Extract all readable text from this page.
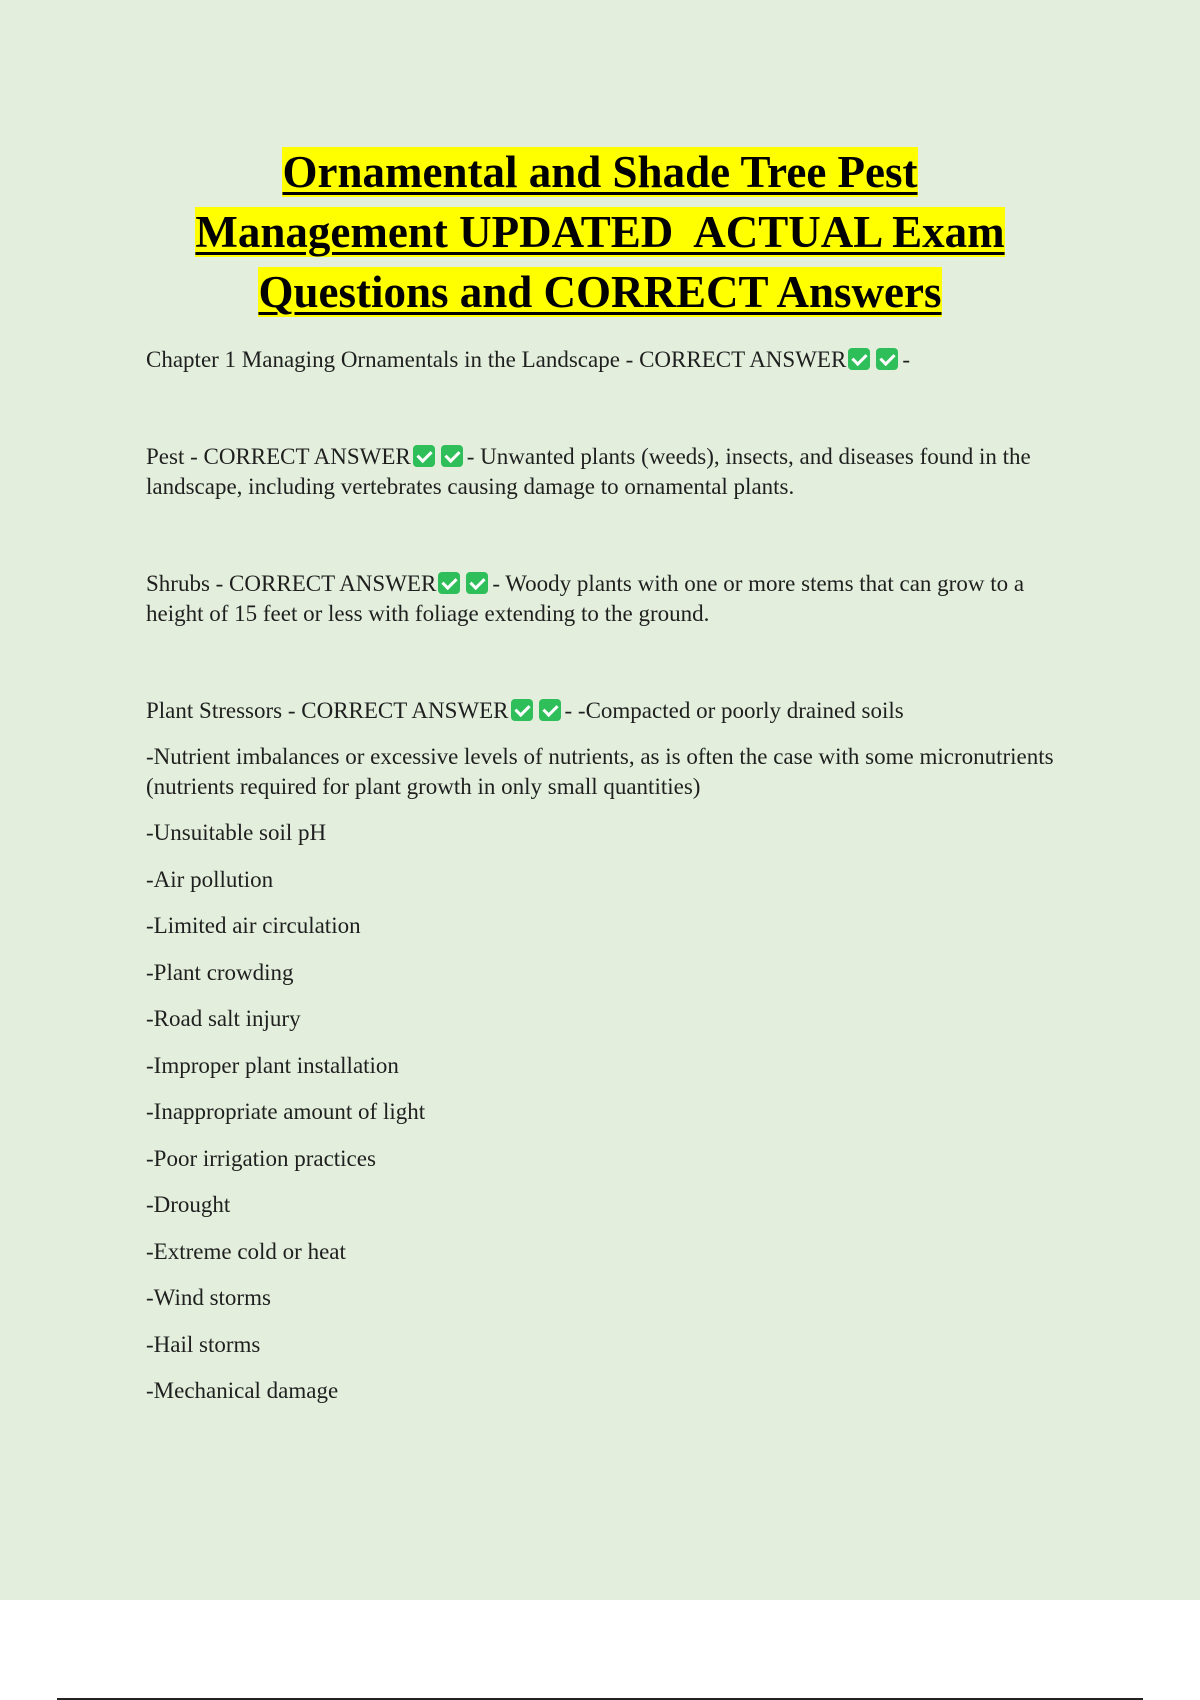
Ornamental and Shade Tree Pest
Management UPDATED  ACTUAL Exam
Questions and CORRECT Answers

Chapter 1 Managing Ornamentals in the Landscape - CORRECT ANSWER -

Pest - CORRECT ANSWER - Unwanted plants (weeds), insects, and diseases found in the landscape, including vertebrates causing damage to ornamental plants.

Shrubs - CORRECT ANSWER - Woody plants with one or more stems that can grow to a height of 15 feet or less with foliage extending to the ground.

Plant Stressors - CORRECT ANSWER - -Compacted or poorly drained soils

-Nutrient imbalances or excessive levels of nutrients, as is often the case with some micronutrients (nutrients required for plant growth in only small quantities)

-Unsuitable soil pH
-Air pollution
-Limited air circulation
-Plant crowding
-Road salt injury
-Improper plant installation
-Inappropriate amount of light
-Poor irrigation practices
-Drought
-Extreme cold or heat
-Wind storms
-Hail storms
-Mechanical damage
